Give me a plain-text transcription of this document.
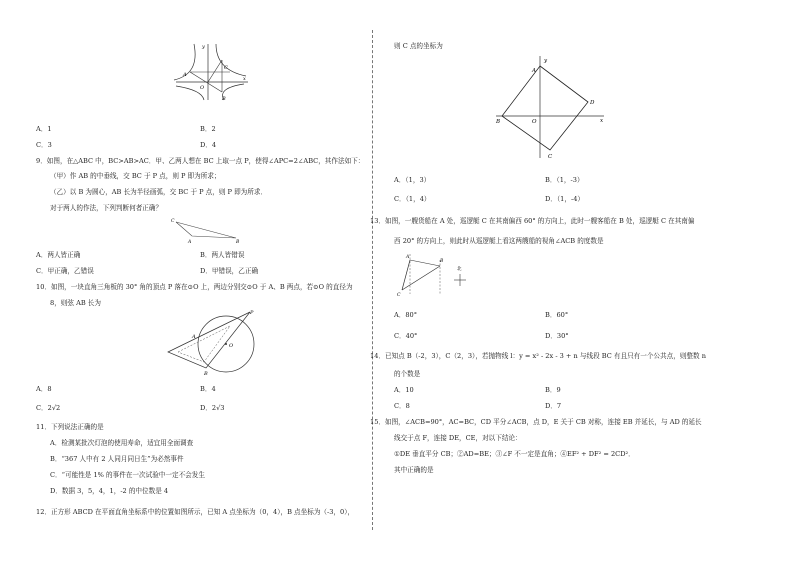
y
x
A
C
O
B
A．1	B．2
C．3	D．4
9．如图，在△ABC 中，BC>AB>AC．甲、乙两人想在 BC 上取一点 P，使得∠APC=2∠ABC，其作法如下：
（甲）作 AB 的中垂线，交 BC 于 P 点，则 P 即为所求；
（乙）以 B 为圆心，AB 长为半径画弧，交 BC 于 P 点，则 P 即为所求．
对于两人的作法，下列判断何者正确？
C
A	B
A．两人皆正确	B．两人皆错误
C．甲正确，乙错误	D．甲错误，乙正确
10．如图，一块直角三角板的 30° 角的顶点 P 落在⊙O 上，两边分别交⊙O 于 A、B 两点，若⊙O 的直径为
8，则弦 AB 长为
A
P
O
B
A．8	B．4
C．2√2	D．2√3
11．下列说法正确的是
A．检测某批次灯泡的使用寿命，适宜用全面调查
B．“367 人中有 2 人同月同日生”为必然事件
C．“可能性是 1% 的事件在一次试验中一定不会发生
D．数据 3，5，4，1，-2 的中位数是 4
12．正方形 ABCD 在平面直角坐标系中的位置如图所示，已知 A 点坐标为（0，4），B 点坐标为（-3，0），
则 C 点的坐标为
y
x
A
D
B	O
C
A．（1，3）	B．（1，-3）
C．（1，4）	D．（1，-4）
13．如图，一艘货船在 A 处，巡逻艇 C 在其南偏西 60° 的方向上，此时一艘客船在 B 处，巡逻艇 C 在其南偏
西 20° 的方向上，则此时从巡逻艇上看这两艘船的视角∠ACB 的度数是
北
A
B
C
A．80°	B．60°
C．40°	D．30°
14．已知点 B（-2，3），C（2，3），若抛物线 l：y = x² - 2x - 3 + n 与线段 BC 有且只有一个公共点，则整数 n
的个数是
A．10	B．9
C．8	D．7
15．如图，∠ACB=90°，AC=BC，CD 平分∠ACB，点 D，E 关于 CB 对称，连接 EB 并延长，与 AD 的延长
线交于点 F，连接 DE，CE，对以下结论：
①DE 垂直平分 CB；②AD=BE；③∠F 不一定是直角；④EF² + DF² = 2CD²．
其中正确的是
